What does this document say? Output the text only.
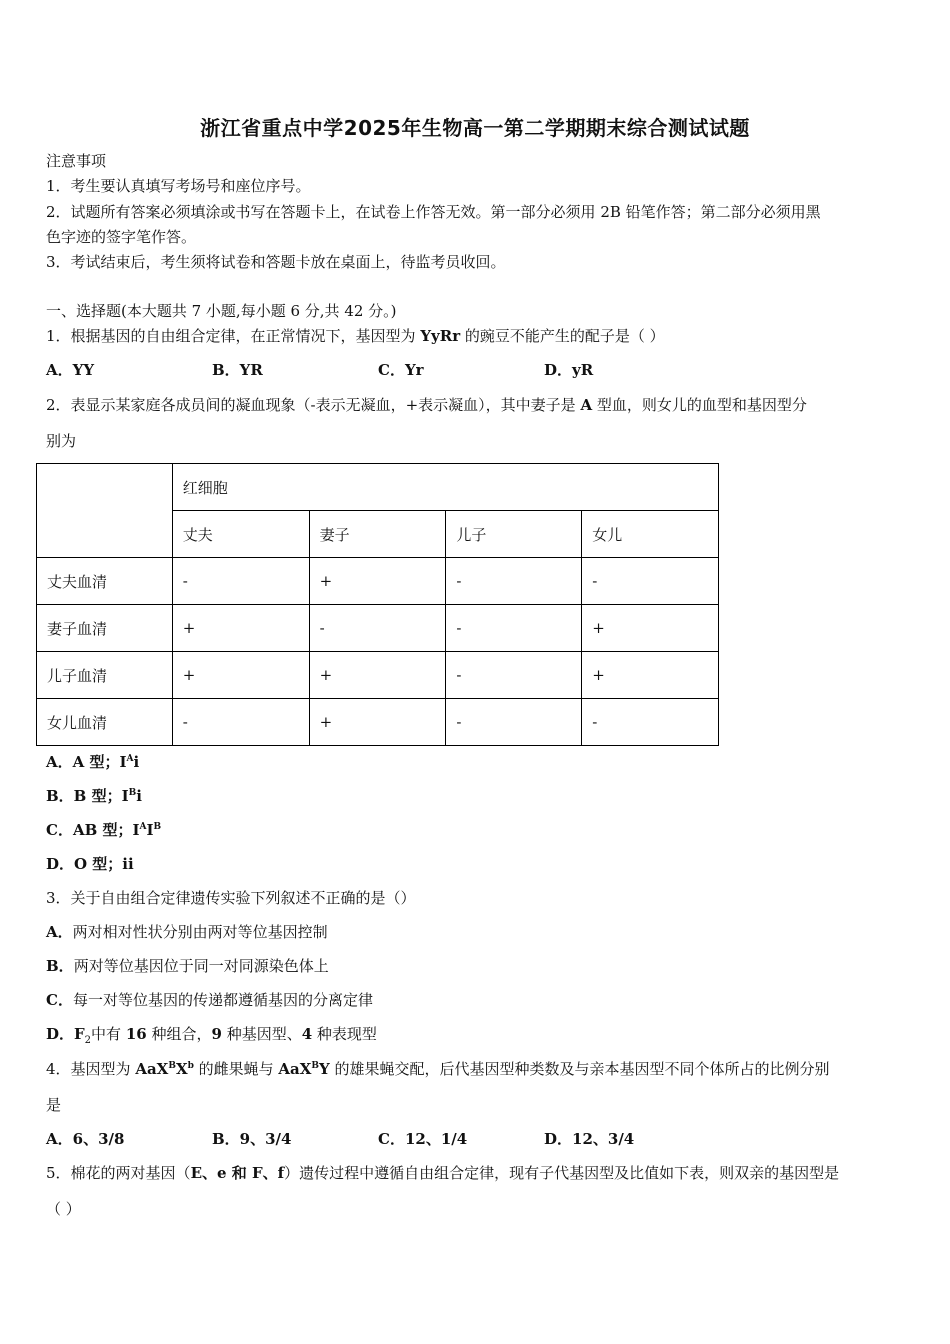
浙江省重点中学2025年生物高一第二学期期末综合测试试题
注意事项
1．考生要认真填写考场号和座位序号。
2．试题所有答案必须填涂或书写在答题卡上，在试卷上作答无效。第一部分必须用 2B 铅笔作答；第二部分必须用黑
色字迹的签字笔作答。
3．考试结束后，考生须将试卷和答题卡放在桌面上，待监考员收回。
一、选择题(本大题共 7 小题,每小题 6 分,共 42 分。)
1．根据基因的自由组合定律，在正常情况下，基因型为 YyRr 的豌豆不能产生的配子是（ ）
A．YY	B．YR	C．Yr	D．yR
2．表显示某家庭各成员间的凝血现象（-表示无凝血，+表示凝血），其中妻子是 A 型血，则女儿的血型和基因型分
别为
	红细胞			
	丈夫	妻子	儿子	女儿
丈夫血清	-	+	-	-
妻子血清	+	-	-	+
儿子血清	+	+	-	+
女儿血清	-	+	-	-
A．A 型；$I^Ai$
B．B 型；$I^Bi$
C．AB 型；$I^AI^B$
D．O 型；ii
3．关于自由组合定律遗传实验下列叙述不正确的是（）
A．两对相对性状分别由两对等位基因控制
B．两对等位基因位于同一对同源染色体上
C．每一对等位基因的传递都遵循基因的分离定律
D．$F_2$中有 16 种组合，9 种基因型、4 种表现型
4．基因型为 $AaX^BX^b$ 的雌果蝇与 AaX$^B$Y 的雄果蝇交配，后代基因型种类数及与亲本基因型不同个体所占的比例分别
是
A．6、3/8	B．9、3/4	C．12、1/4	D．12、3/4
5．棉花的两对基因（E、e 和 F、f）遗传过程中遵循自由组合定律，现有子代基因型及比值如下表，则双亲的基因型是
（ ）
